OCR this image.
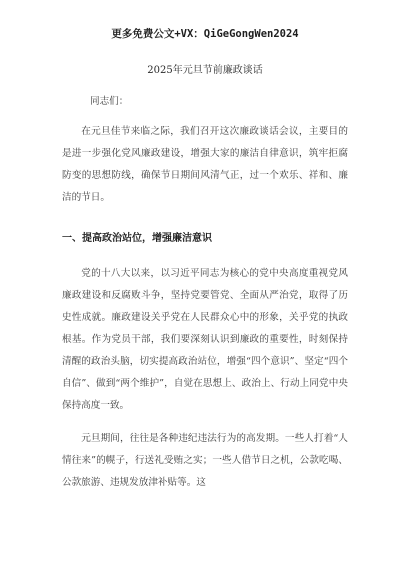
更多免费公文+VX：QiGeGongWen2024
2025年元旦节前廉政谈话
同志们：
在元旦佳节来临之际，我们召开这次廉政谈话会议，主要目的是进一步强化党风廉政建设，增强大家的廉洁自律意识，筑牢拒腐防变的思想防线，确保节日期间风清气正，过一个欢乐、祥和、廉洁的节日。
一、提高政治站位，增强廉洁意识
党的十八大以来，以习近平同志为核心的党中央高度重视党风廉政建设和反腐败斗争，坚持党要管党、全面从严治党，取得了历史性成就。廉政建设关乎党在人民群众心中的形象，关乎党的执政根基。作为党员干部，我们要深刻认识到廉政的重要性，时刻保持清醒的政治头脑，切实提高政治站位，增强“四个意识”、坚定“四个自信”、做到“两个维护”，自觉在思想上、政治上、行动上同党中央保持高度一致。
元旦期间，往往是各种违纪违法行为的高发期。一些人打着“人情往来”的幌子，行送礼受贿之实；一些人借节日之机，公款吃喝、公款旅游、违规发放津补贴等。这
